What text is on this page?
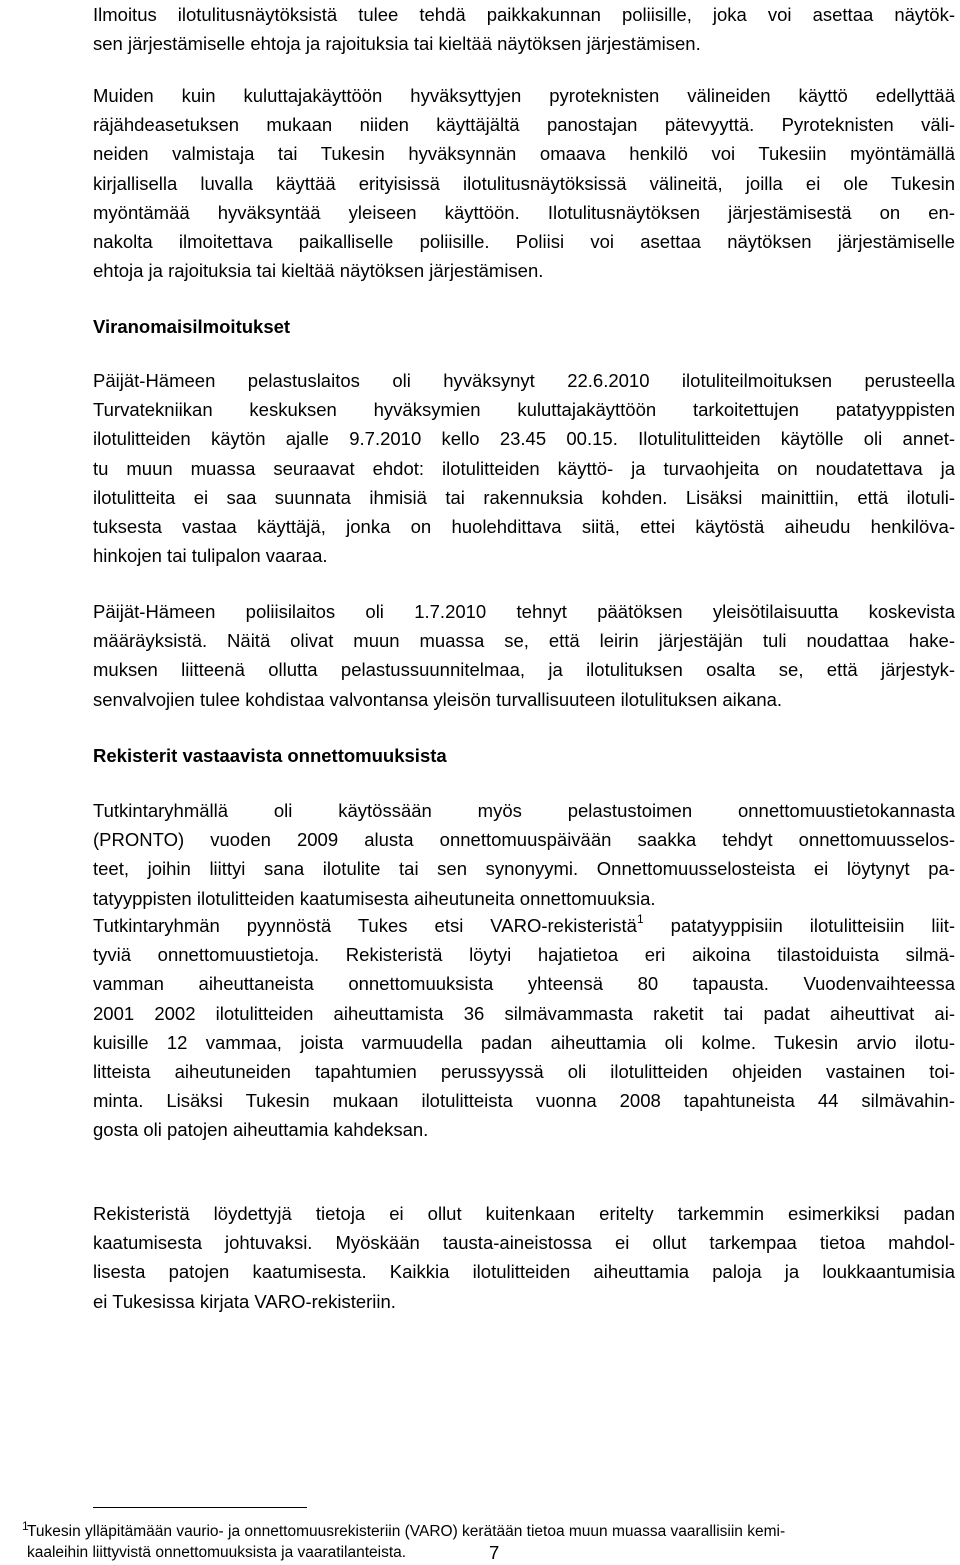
Ilmoitus ilotulitusnäytöksistä tulee tehdä paikkakunnan poliisille, joka voi asettaa näytök-
sen järjestämiselle ehtoja ja rajoituksia tai kieltää näytöksen järjestämisen.

Muiden kuin kuluttajakäyttöön hyväksyttyjen pyroteknisten välineiden käyttö edellyttää
räjähdeasetuksen mukaan niiden käyttäjältä panostajan pätevyyttä. Pyroteknisten väli-
neiden valmistaja tai Tukesin hyväksynnän omaava henkilö voi Tukesiin myöntämällä
kirjallisella luvalla käyttää erityisissä ilotulitusnäytöksissä välineitä, joilla ei ole Tukesin
myöntämää hyväksyntää yleiseen käyttöön. Ilotulitusnäytöksen järjestämisestä on en-
nakolta ilmoitettava paikalliselle poliisille. Poliisi voi asettaa näytöksen järjestämiselle
ehtoja ja rajoituksia tai kieltää näytöksen järjestämisen.

Viranomaisilmoitukset

Päijät-Hämeen pelastuslaitos oli hyväksynyt 22.6.2010 ilotuliteilmoituksen perusteella
Turvatekniikan keskuksen hyväksymien kuluttajakäyttöön tarkoitettujen patatyyppisten
ilotulitteiden käytön ajalle 9.7.2010 kello 23.45 00.15. Ilotulitulitteiden käytölle oli annet-
tu muun muassa seuraavat ehdot: ilotulitteiden käyttö- ja turvaohjeita on noudatettava ja
ilotulitteita ei saa suunnata ihmisiä tai rakennuksia kohden. Lisäksi mainittiin, että ilotuli-
tuksesta vastaa käyttäjä, jonka on huolehdittava siitä, ettei käytöstä aiheudu henkilöva-
hinkojen tai tulipalon vaaraa.

Päijät-Hämeen poliisilaitos oli 1.7.2010 tehnyt päätöksen yleisötilaisuutta koskevista
määräyksistä. Näitä olivat muun muassa se, että leirin järjestäjän tuli noudattaa hake-
muksen liitteenä ollutta pelastussuunnitelmaa, ja ilotulituksen osalta se, että järjestyk-
senvalvojien tulee kohdistaa valvontansa yleisön turvallisuuteen ilotulituksen aikana.

Rekisterit vastaavista onnettomuuksista

Tutkintaryhmällä oli käytössään myös pelastustoimen onnettomuustietokannasta
(PRONTO) vuoden 2009 alusta onnettomuuspäivään saakka tehdyt onnettomuusselos-
teet, joihin liittyi sana ilotulite tai sen synonyymi. Onnettomuusselosteista ei löytynyt pa-
tatyyppisten ilotulitteiden kaatumisesta aiheutuneita onnettomuuksia.

Tutkintaryhmän pyynnöstä Tukes etsi VARO-rekisteristä$^1$ patatyyppisiin ilotulitteisiin liit-

tyviä onnettomuustietoja. Rekisteristä löytyi hajatietoa eri aikoina tilastoiduista silmä-
vamman aiheuttaneista onnettomuuksista yhteensä 80 tapausta. Vuodenvaihteessa
2001 2002 ilotulitteiden aiheuttamista 36 silmävammasta raketit tai padat aiheuttivat ai-
kuisille 12 vammaa, joista varmuudella padan aiheuttamia oli kolme. Tukesin arvio ilotu-
litteista aiheutuneiden tapahtumien perussyyssä oli ilotulitteiden ohjeiden vastainen toi-
minta. Lisäksi Tukesin mukaan ilotulitteista vuonna 2008 tapahtuneista 44 silmävahin-
gosta oli patojen aiheuttamia kahdeksan.

Rekisteristä löydettyjä tietoja ei ollut kuitenkaan eritelty tarkemmin esimerkiksi padan
kaatumisesta johtuvaksi. Myöskään tausta-aineistossa ei ollut tarkempaa tietoa mahdol-
lisesta patojen kaatumisesta. Kaikkia ilotulitteiden aiheuttamia paloja ja loukkaantumisia
ei Tukesissa kirjata VARO-rekisteriin.

1
Tukesin ylläpitämään vaurio- ja onnettomuusrekisteriin (VARO) kerätään tietoa muun muassa vaarallisiin kemi-
kaaleihin liittyvistä onnettomuuksista ja vaaratilanteista.	7
